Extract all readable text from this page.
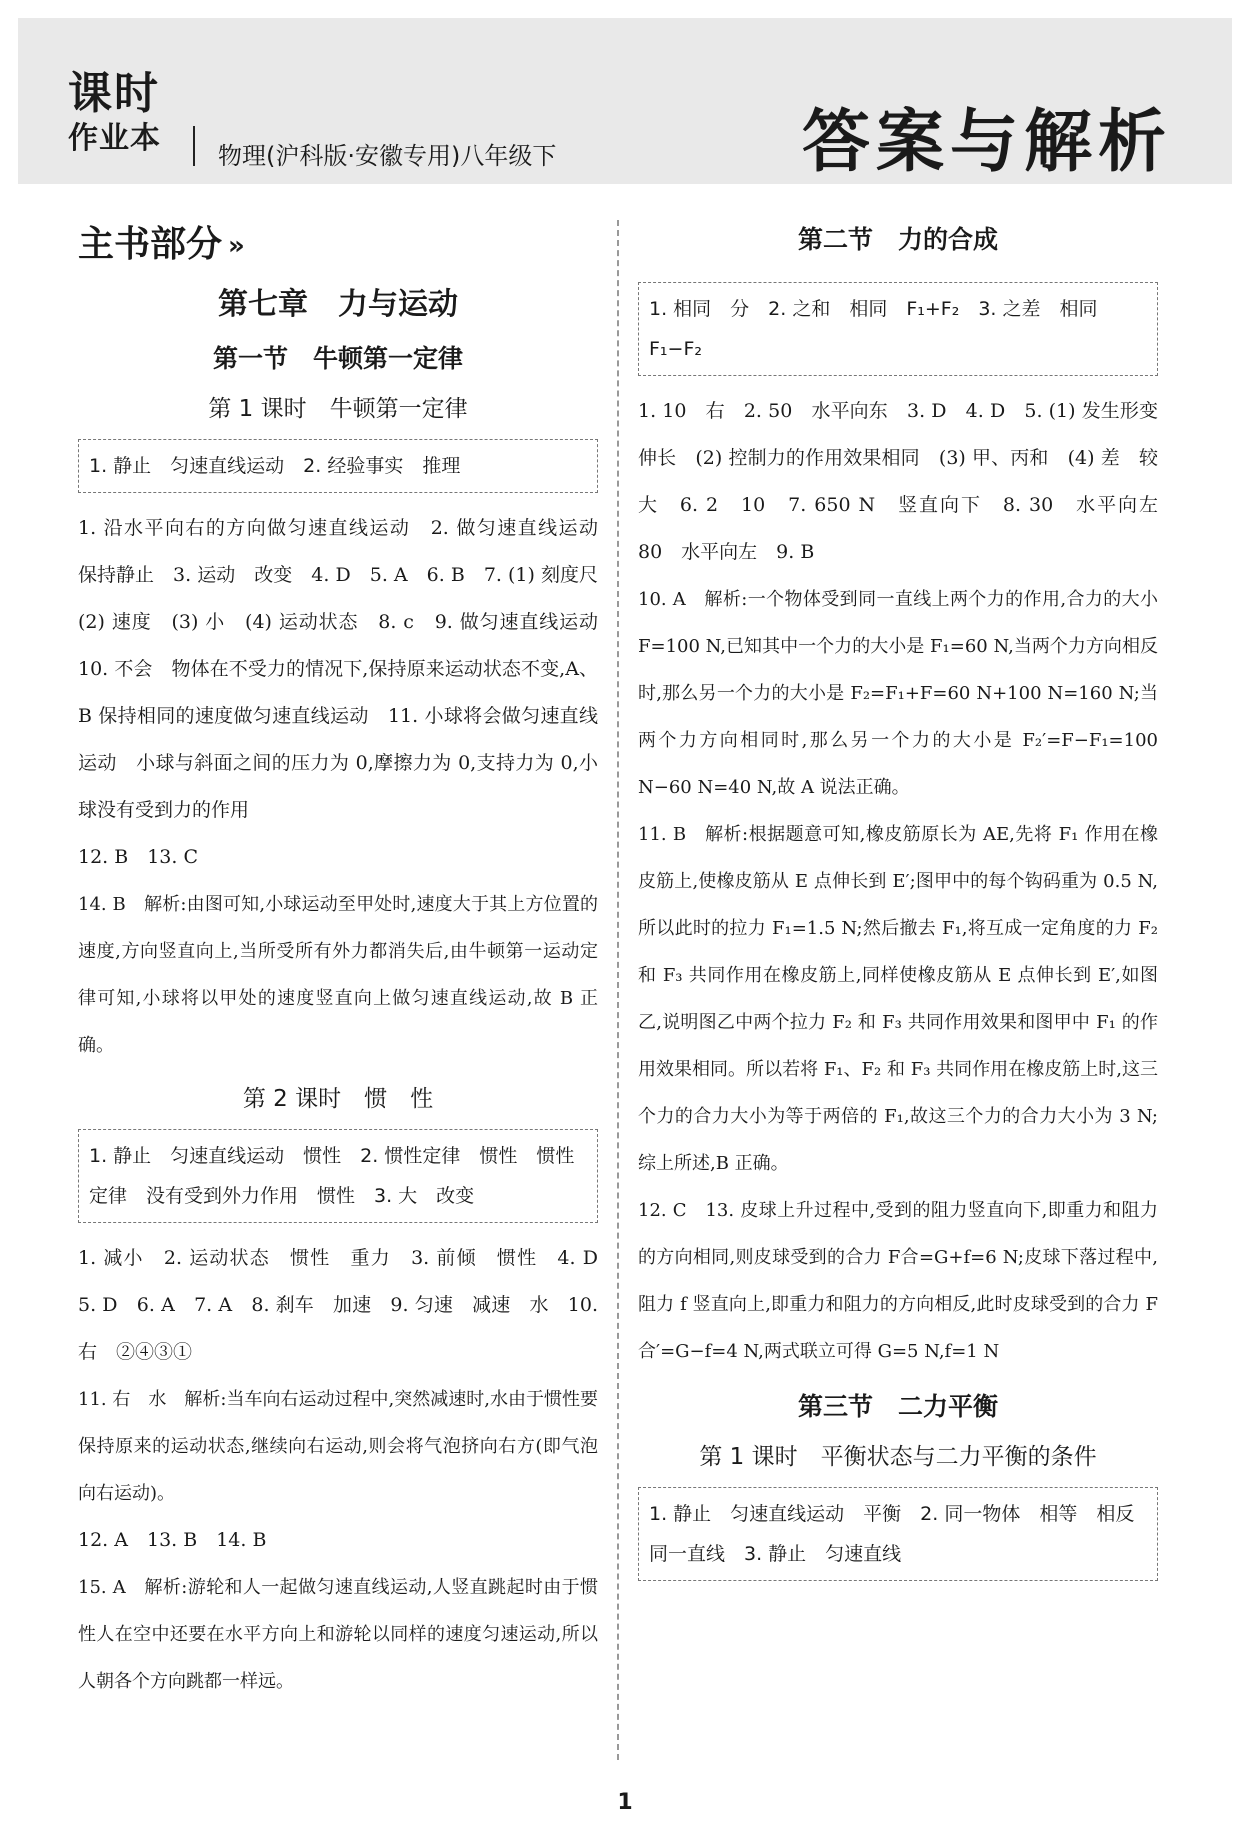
课时
作业本 物理(沪科版·安徽专用)八年级下	答案与解析
主书部分 »
第七章　力与运动
第一节　牛顿第一定律
第 1 课时　牛顿第一定律
1. 静止　匀速直线运动　2. 经验事实　推理

1. 沿水平向右的方向做匀速直线运动　2. 做匀速直线运动　保持静止　3. 运动　改变　4. D　5. A　6. B　7. (1) 刻度尺　(2) 速度　(3) 小　(4) 运动状态　8. c　9. 做匀速直线运动　10. 不会　物体在不受力的情况下,保持原来运动状态不变,A、B 保持相同的速度做匀速直线运动　11. 小球将会做匀速直线运动　小球与斜面之间的压力为 0,摩擦力为 0,支持力为 0,小球没有受到力的作用

12. B　13. C

14. B　解析:由图可知,小球运动至甲处时,速度大于其上方位置的速度,方向竖直向上,当所受所有外力都消失后,由牛顿第一运动定律可知,小球将以甲处的速度竖直向上做匀速直线运动,故 B 正确。

第 2 课时　惯　性
1. 静止　匀速直线运动　惯性　2. 惯性定律　惯性　惯性定律　没有受到外力作用　惯性　3. 大　改变

1. 减小　2. 运动状态　惯性　重力　3. 前倾　惯性　4. D　5. D　6. A　7. A　8. 刹车　加速　9. 匀速　减速　水　10. 右　②④③①

11. 右　水　解析:当车向右运动过程中,突然减速时,水由于惯性要保持原来的运动状态,继续向右运动,则会将气泡挤向右方(即气泡向右运动)。

12. A　13. B　14. B

15. A　解析:游轮和人一起做匀速直线运动,人竖直跳起时由于惯性人在空中还要在水平方向上和游轮以同样的速度匀速运动,所以人朝各个方向跳都一样远。

第二节　力的合成
1. 相同　分　2. 之和　相同　F₁+F₂　3. 之差　相同　F₁−F₂

1. 10　右　2. 50　水平向东　3. D　4. D　5. (1) 发生形变　伸长　(2) 控制力的作用效果相同　(3) 甲、丙和　(4) 差　较大　6. 2　10　7. 650 N　竖直向下　8. 30　水平向左　80　水平向左　9. B

10. A　解析:一个物体受到同一直线上两个力的作用,合力的大小 F=100 N,已知其中一个力的大小是 F₁=60 N,当两个力方向相反时,那么另一个力的大小是 F₂=F₁+F=60 N+100 N=160 N;当两个力方向相同时,那么另一个力的大小是 F₂′=F−F₁=100 N−60 N=40 N,故 A 说法正确。

11. B　解析:根据题意可知,橡皮筋原长为 AE,先将 F₁ 作用在橡皮筋上,使橡皮筋从 E 点伸长到 E′;图甲中的每个钩码重为 0.5 N,所以此时的拉力 F₁=1.5 N;然后撤去 F₁,将互成一定角度的力 F₂ 和 F₃ 共同作用在橡皮筋上,同样使橡皮筋从 E 点伸长到 E′,如图乙,说明图乙中两个拉力 F₂ 和 F₃ 共同作用效果和图甲中 F₁ 的作用效果相同。所以若将 F₁、F₂ 和 F₃ 共同作用在橡皮筋上时,这三个力的合力大小为等于两倍的 F₁,故这三个力的合力大小为 3 N;综上所述,B 正确。

12. C　13. 皮球上升过程中,受到的阻力竖直向下,即重力和阻力的方向相同,则皮球受到的合力 F合=G+f=6 N;皮球下落过程中,阻力 f 竖直向上,即重力和阻力的方向相反,此时皮球受到的合力 F合′=G−f=4 N,两式联立可得 G=5 N,f=1 N

第三节　二力平衡
第 1 课时　平衡状态与二力平衡的条件
1. 静止　匀速直线运动　平衡　2. 同一物体　相等　相反　同一直线　3. 静止　匀速直线
1
